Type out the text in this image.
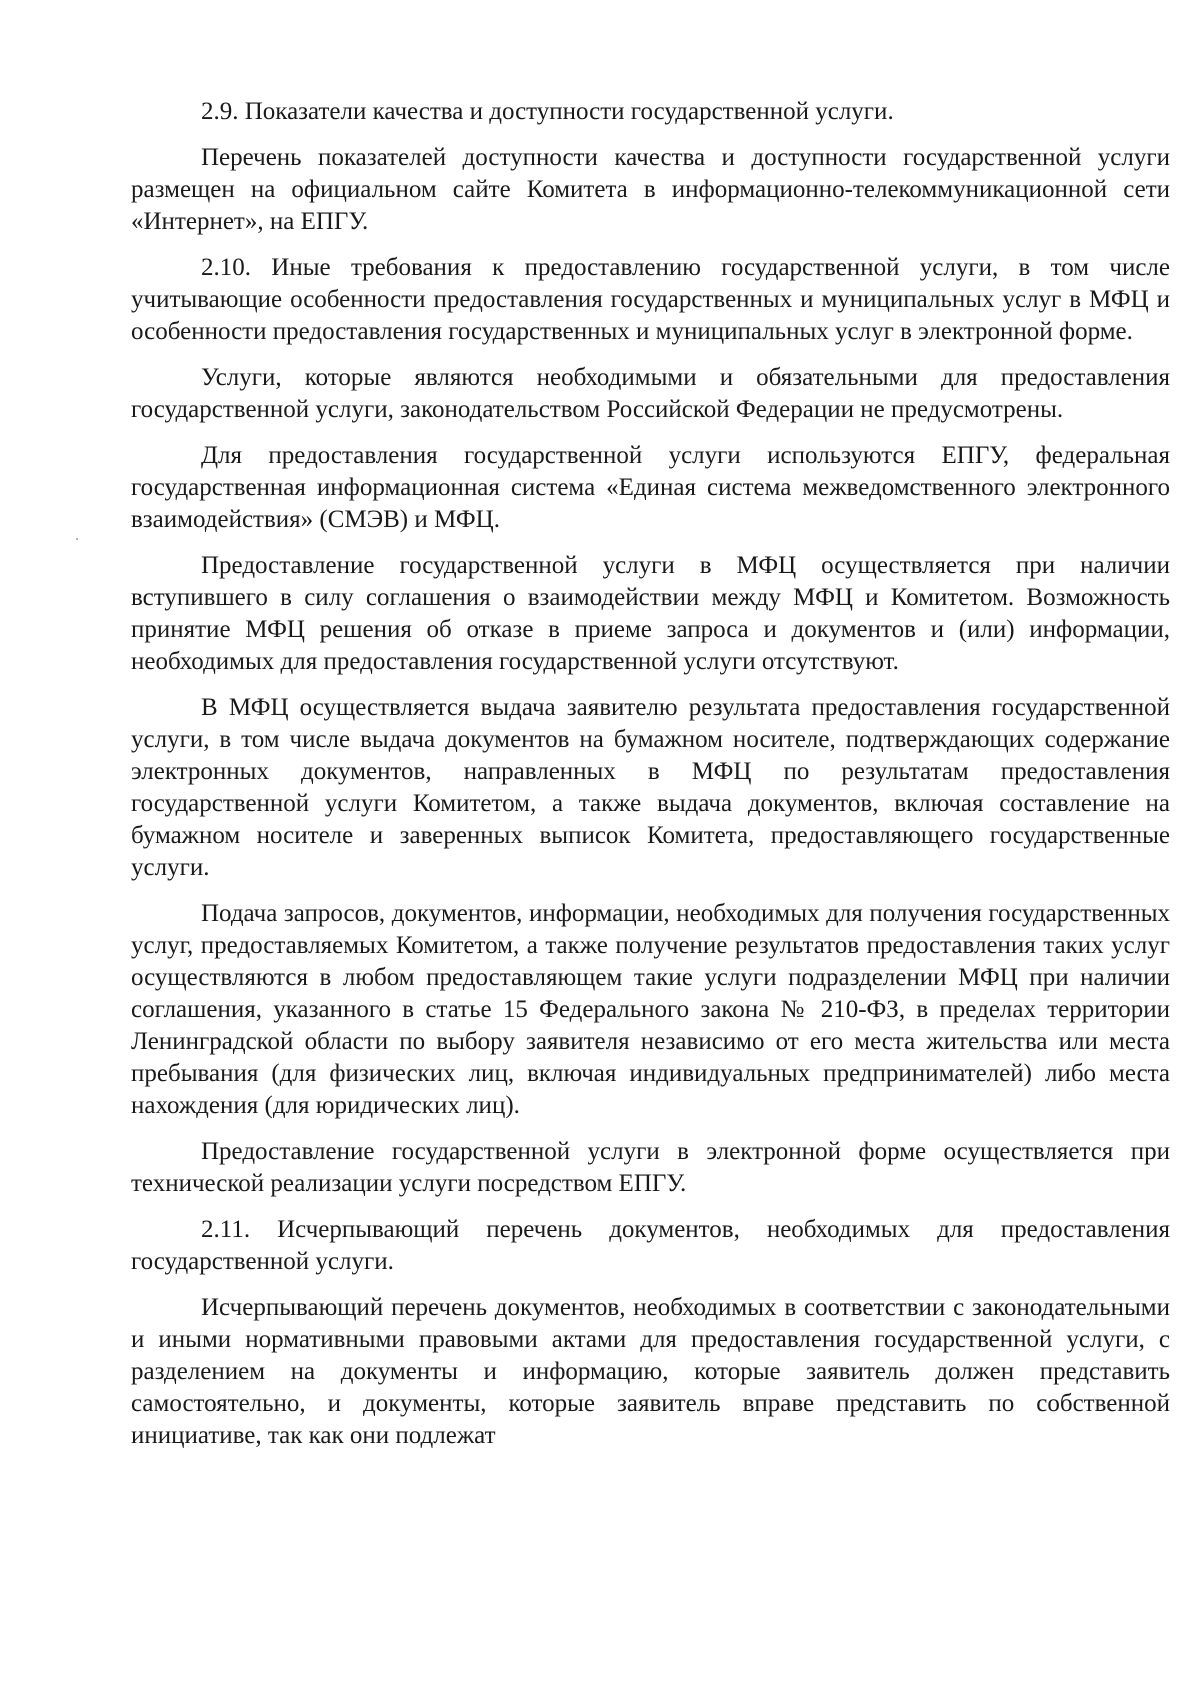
2.9. Показатели качества и доступности государственной услуги.

Перечень показателей доступности качества и доступности государственной услуги размещен на официальном сайте Комитета в информационно-телекоммуникационной сети «Интернет», на ЕПГУ.

2.10. Иные требования к предоставлению государственной услуги, в том числе учитывающие особенности предоставления государственных и муниципальных услуг в МФЦ и особенности предоставления государственных и муниципальных услуг в электронной форме.

Услуги, которые являются необходимыми и обязательными для предоставления государственной услуги, законодательством Российской Федерации не предусмотрены.

Для предоставления государственной услуги используются ЕПГУ, федеральная государственная информационная система «Единая система межведомственного электронного взаимодействия» (СМЭВ) и МФЦ.

Предоставление государственной услуги в МФЦ осуществляется при наличии вступившего в силу соглашения о взаимодействии между МФЦ и Комитетом. Возможность принятие МФЦ решения об отказе в приеме запроса и документов и (или) информации, необходимых для предоставления государственной услуги отсутствуют.

В МФЦ осуществляется выдача заявителю результата предоставления государственной услуги, в том числе выдача документов на бумажном носителе, подтверждающих содержание электронных документов, направленных в МФЦ по результатам предоставления государственной услуги Комитетом, а также выдача документов, включая составление на бумажном носителе и заверенных выписок Комитета, предоставляющего государственные услуги.

Подача запросов, документов, информации, необходимых для получения государственных услуг, предоставляемых Комитетом, а также получение результатов предоставления таких услуг осуществляются в любом предоставляющем такие услуги подразделении МФЦ при наличии соглашения, указанного в статье 15 Федерального закона № 210-ФЗ, в пределах территории Ленинградской области по выбору заявителя независимо от его места жительства или места пребывания (для физических лиц, включая индивидуальных предпринимателей) либо места нахождения (для юридических лиц).

Предоставление государственной услуги в электронной форме осуществляется при технической реализации услуги посредством ЕПГУ.

2.11. Исчерпывающий перечень документов, необходимых для предоставления государственной услуги.

Исчерпывающий перечень документов, необходимых в соответствии с законодательными и иными нормативными правовыми актами для предоставления государственной услуги, с разделением на документы и информацию, которые заявитель должен представить самостоятельно, и документы, которые заявитель вправе представить по собственной инициативе, так как они подлежат
